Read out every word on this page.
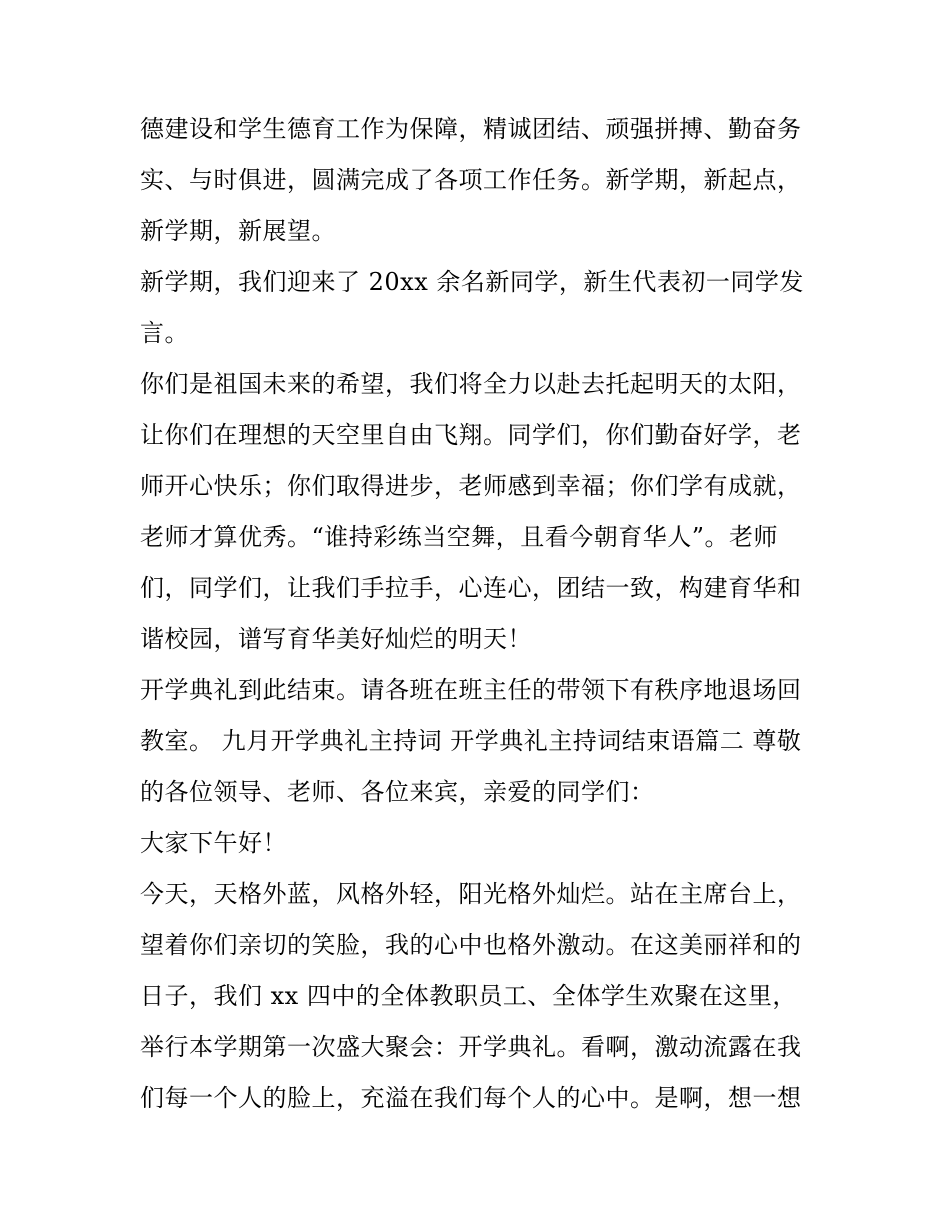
德建设和学生德育工作为保障，精诚团结、顽强拼搏、勤奋务
实、与时俱进，圆满完成了各项工作任务。新学期，新起点，
新学期，新展望。
新学期，我们迎来了 20xx 余名新同学，新生代表初一同学发
言。
你们是祖国未来的希望，我们将全力以赴去托起明天的太阳，
让你们在理想的天空里自由飞翔。同学们，你们勤奋好学，老
师开心快乐；你们取得进步，老师感到幸福；你们学有成就，
老师才算优秀。“谁持彩练当空舞，且看今朝育华人”。老师
们，同学们，让我们手拉手，心连心，团结一致，构建育华和
谐校园，谱写育华美好灿烂的明天！
开学典礼到此结束。请各班在班主任的带领下有秩序地退场回
教室。 九月开学典礼主持词 开学典礼主持词结束语篇二 尊敬
的各位领导、老师、各位来宾，亲爱的同学们：
大家下午好！
今天，天格外蓝，风格外轻，阳光格外灿烂。站在主席台上，
望着你们亲切的笑脸，我的心中也格外激动。在这美丽祥和的
日子，我们 xx 四中的全体教职员工、全体学生欢聚在这里，
举行本学期第一次盛大聚会：开学典礼。看啊，激动流露在我
们每一个人的脸上，充溢在我们每个人的心中。是啊，想一想
